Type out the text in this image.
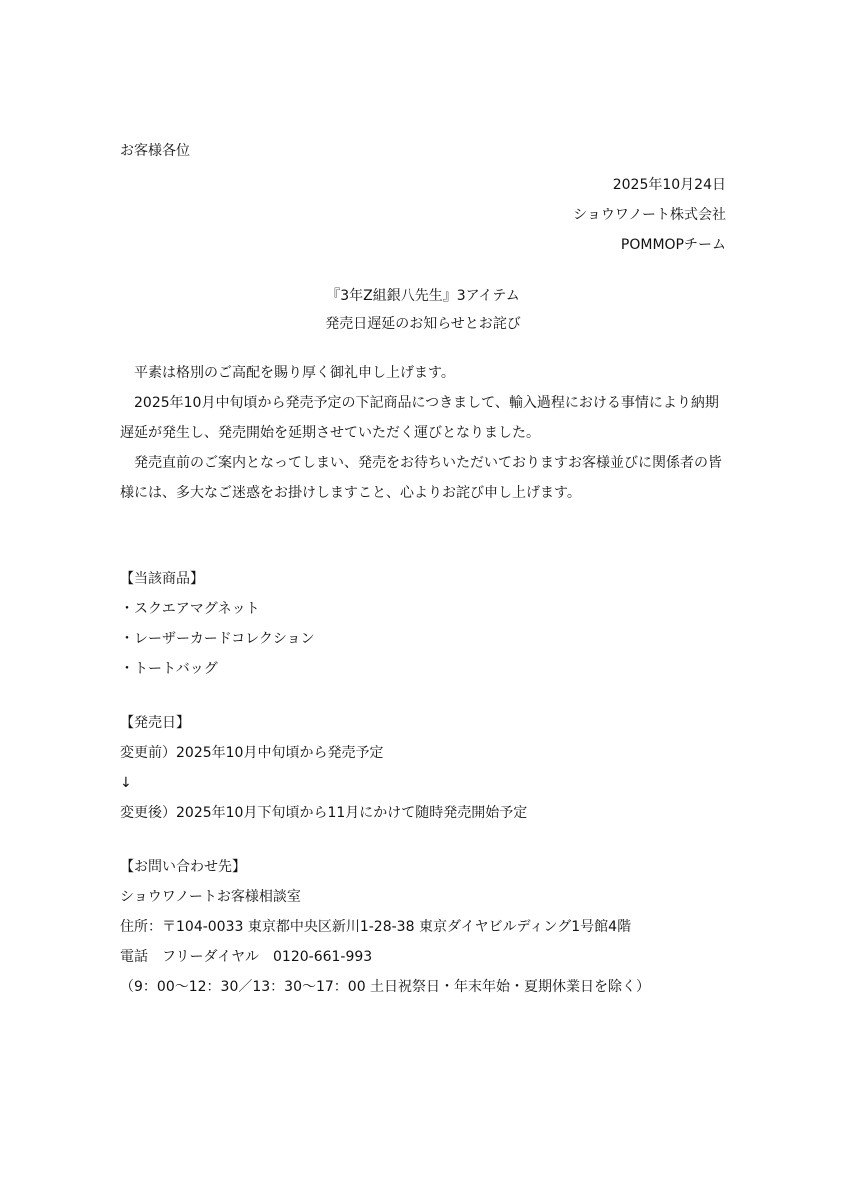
お客様各位
2025年10月24日
ショウワノート株式会社
POMMOPチーム
『3年Z組銀八先生』3アイテム
発売日遅延のお知らせとお詫び

平素は格別のご高配を賜り厚く御礼申し上げます。

2025年10月中旬頃から発売予定の下記商品につきまして、輸入過程における事情により納期遅延が発生し、発売開始を延期させていただく運びとなりました。

発売直前のご案内となってしまい、発売をお待ちいただいておりますお客様並びに関係者の皆様には、多大なご迷惑をお掛けしますこと、心よりお詫び申し上げます。

【当該商品】
・スクエアマグネット
・レーザーカードコレクション
・トートバッグ
【発売日】
変更前）2025年10月中旬頃から発売予定
↓
変更後）2025年10月下旬頃から11月にかけて随時発売開始予定
【お問い合わせ先】
ショウワノートお客様相談室
住所：〒104-0033 東京都中央区新川1-28-38 東京ダイヤビルディング1号館4階
電話　フリーダイヤル　0120-661-993
（9：00～12：30／13：30～17：00 土日祝祭日・年末年始・夏期休業日を除く）
